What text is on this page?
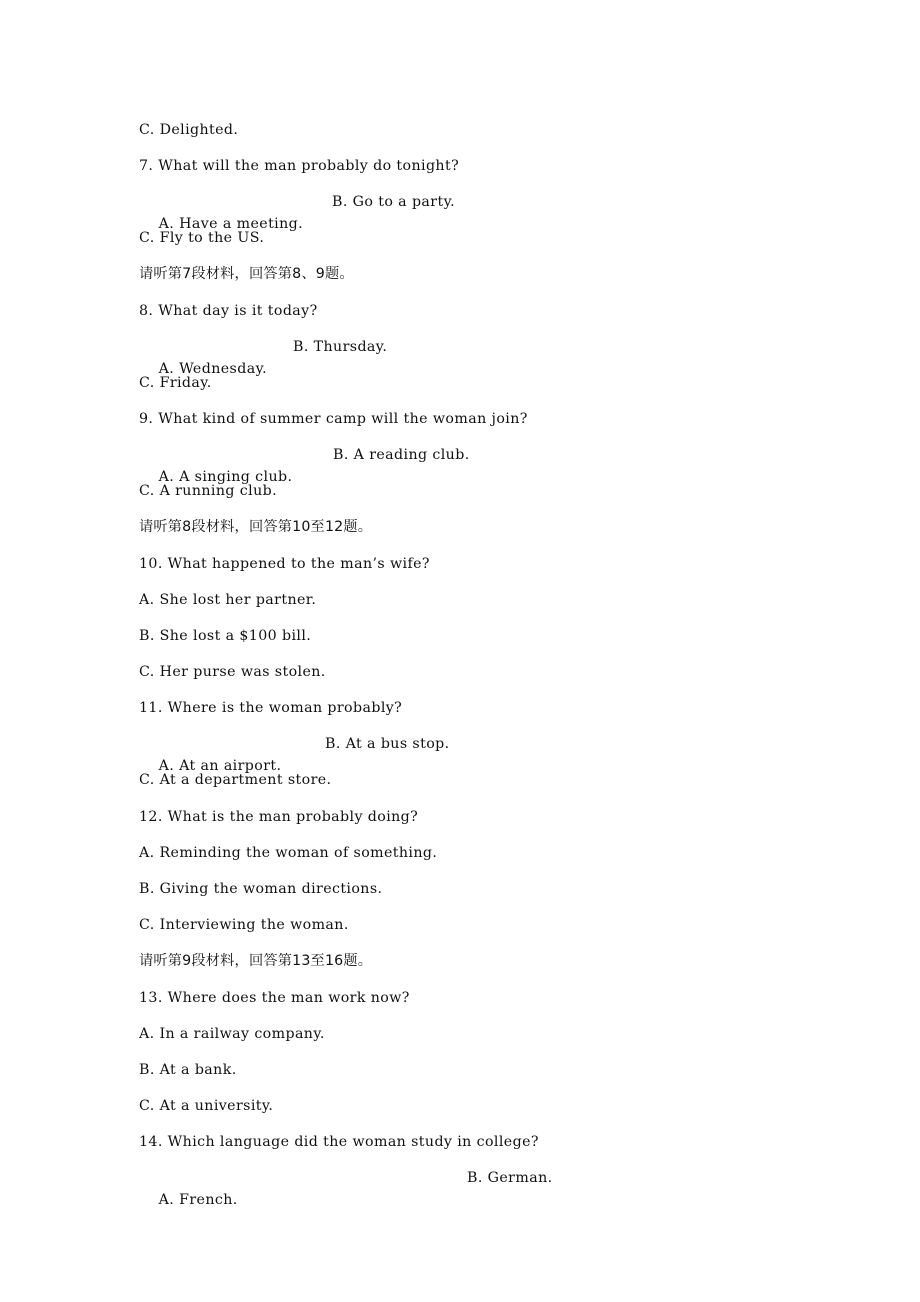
C. Delighted.
7. What will the man probably do tonight?

A. Have a meeting.

B. Go to a party.

C. Fly to the US.
请听第7段材料，回答第8、9题。
8. What day is it today?

A. Wednesday.

B. Thursday.

C. Friday.
9. What kind of summer camp will the woman join?

A. A singing club.

B. A reading club.

C. A running club.
请听第8段材料，回答第10至12题。
10. What happened to the man’s wife?
A. She lost her partner.
B. She lost a $100 bill.
C. Her purse was stolen.
11. Where is the woman probably?

A. At an airport.

B. At a bus stop.

C. At a department store.
12. What is the man probably doing?
A. Reminding the woman of something.
B. Giving the woman directions.
C. Interviewing the woman.
请听第9段材料，回答第13至16题。
13. Where does the man work now?
A. In a railway company.
B. At a bank.
C. At a university.
14. Which language did the woman study in college?

A. French.

B. German.
